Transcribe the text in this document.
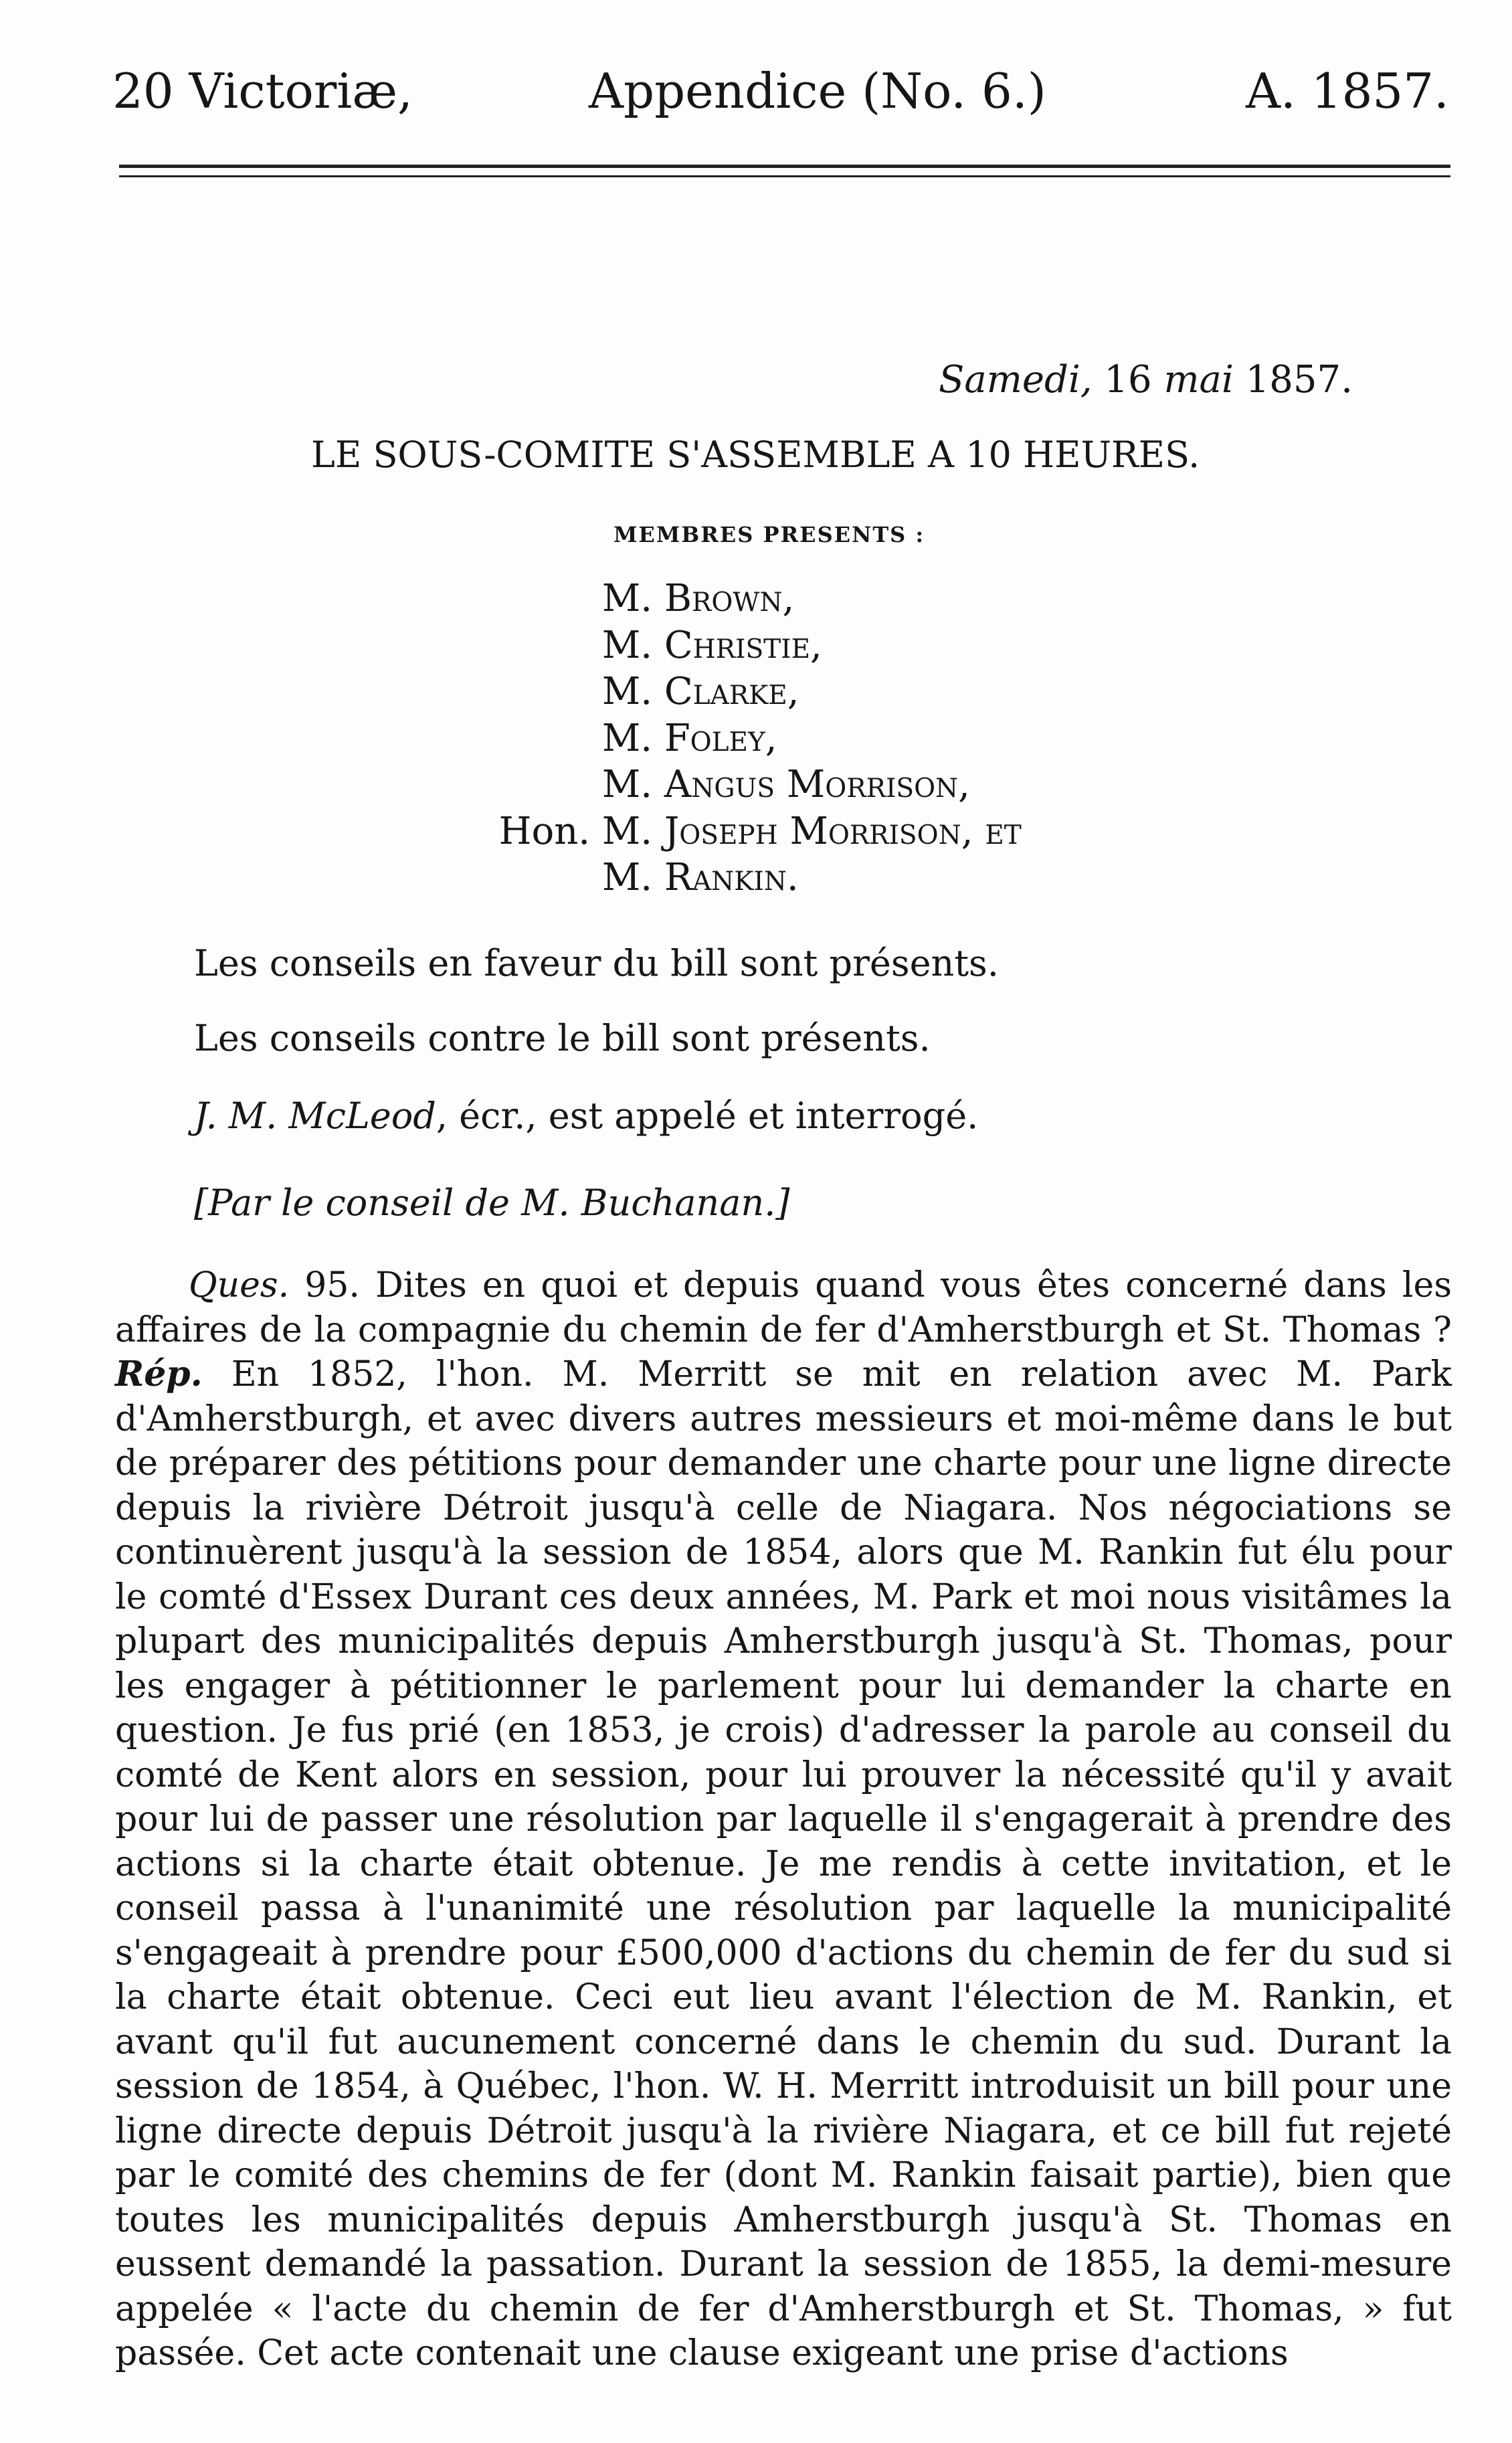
20 Victoriæ,	Appendice (No. 6.)	A. 1857.
Samedi, 16 mai 1857.
LE SOUS-COMITE S'ASSEMBLE A 10 HEURES.
MEMBRES PRESENTS :
M. Brown,
M. Christie,
M. Clarke,
M. Foley,
M. Angus Morrison,
Hon. M. Joseph Morrison, et
M. Rankin.
Les conseils en faveur du bill sont présents.
Les conseils contre le bill sont présents.
J. M. McLeod, écr., est appelé et interrogé.
[Par le conseil de M. Buchanan.]
Ques. 95. Dites en quoi et depuis quand vous êtes concerné dans les affaires de la compagnie du chemin de fer d'Amherstburgh et St. Thomas ? Rép. En 1852, l'hon. M. Merritt se mit en relation avec M. Park d'Amherstburgh, et avec divers autres messieurs et moi-même dans le but de préparer des pétitions pour demander une charte pour une ligne directe depuis la rivière Détroit jusqu'à celle de Niagara. Nos négociations se continuèrent jusqu'à la session de 1854, alors que M. Rankin fut élu pour le comté d'Essex Durant ces deux années, M. Park et moi nous visitâmes la plupart des municipalités depuis Amherstburgh jusqu'à St. Thomas, pour les engager à pétitionner le parlement pour lui demander la charte en question. Je fus prié (en 1853, je crois) d'adresser la parole au conseil du comté de Kent alors en session, pour lui prouver la nécessité qu'il y avait pour lui de passer une résolution par laquelle il s'engagerait à prendre des actions si la charte était obtenue. Je me rendis à cette invitation, et le conseil passa à l'unanimité une résolution par laquelle la municipalité s'engageait à prendre pour £500,000 d'actions du chemin de fer du sud si la charte était obtenue. Ceci eut lieu avant l'élection de M. Rankin, et avant qu'il fut aucunement concerné dans le chemin du sud. Durant la session de 1854, à Québec, l'hon. W. H. Merritt introduisit un bill pour une ligne directe depuis Détroit jusqu'à la rivière Niagara, et ce bill fut rejeté par le comité des chemins de fer (dont M. Rankin faisait partie), bien que toutes les municipalités depuis Amherstburgh jusqu'à St. Thomas en eussent demandé la passation. Durant la session de 1855, la demi-mesure appelée « l'acte du chemin de fer d'Amherstburgh et St. Thomas, » fut passée. Cet acte contenait une clause exigeant une prise d'actions
